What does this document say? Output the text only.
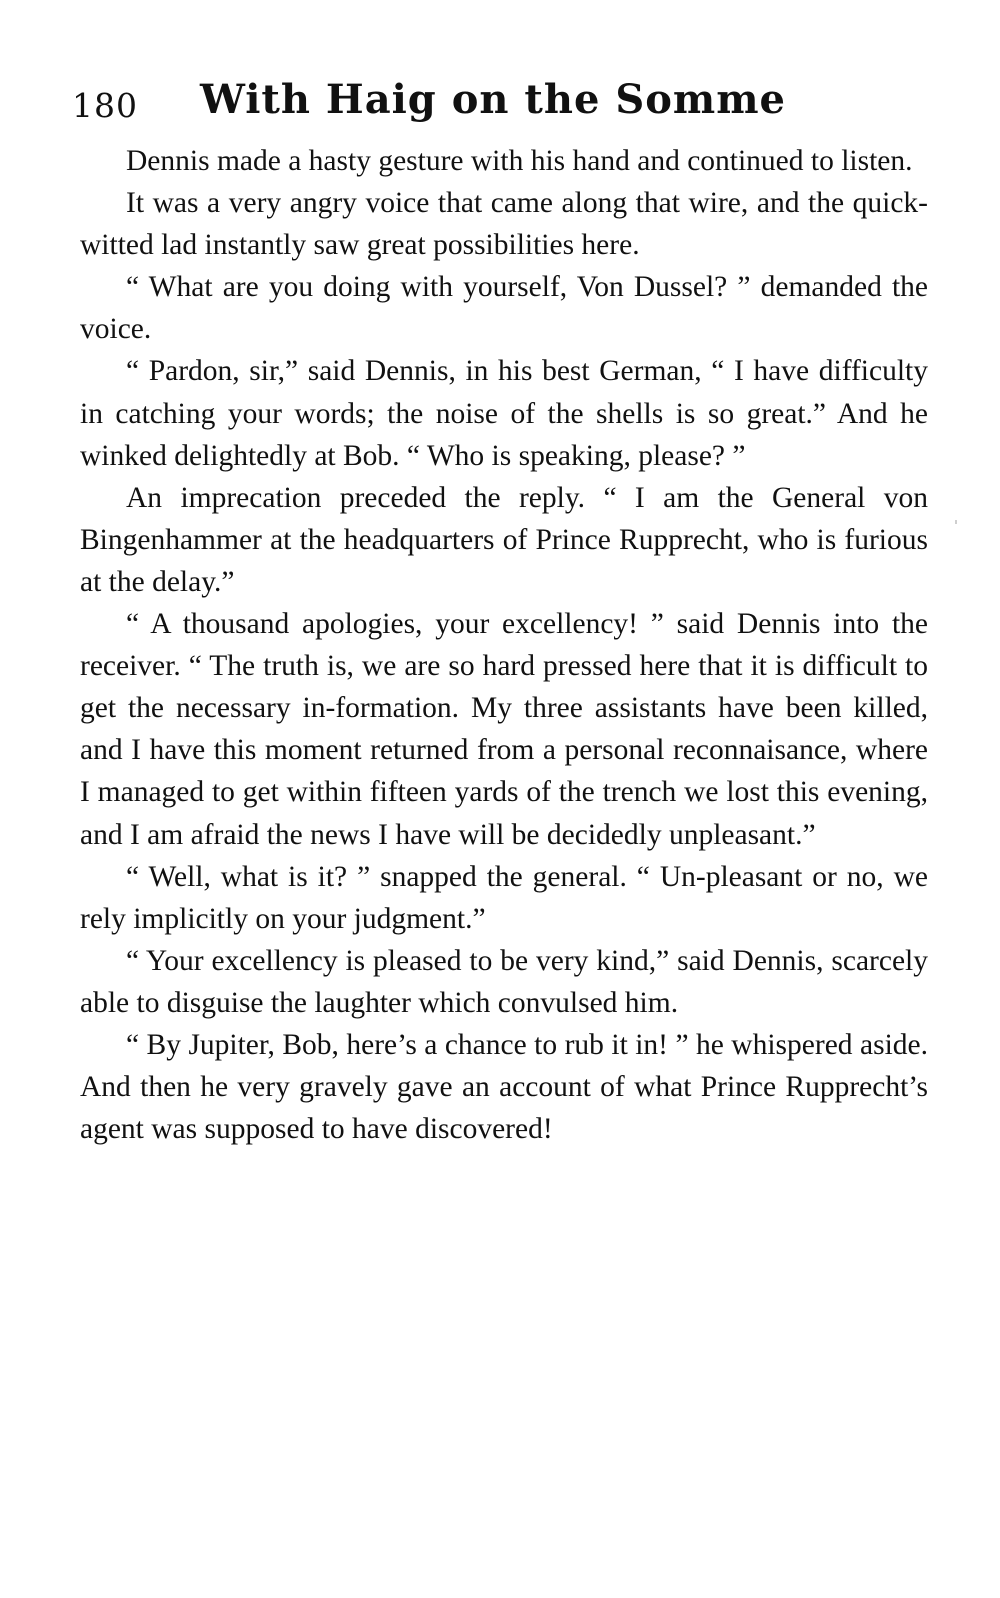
180 With Haig on the Somme

Dennis made a hasty gesture with his hand and continued to listen.

It was a very angry voice that came along that wire, and the quick-witted lad instantly saw great possibilities here.

“ What are you doing with yourself, Von Dussel? ” demanded the voice.

“ Pardon, sir,” said Dennis, in his best German, “ I have difficulty in catching your words; the noise of the shells is so great.” And he winked delightedly at Bob. “ Who is speaking, please? ”

An imprecation preceded the reply. “ I am the General von Bingenhammer at the headquarters of Prince Rupprecht, who is furious at the delay.”

“ A thousand apologies, your excellency! ” said Dennis into the receiver. “ The truth is, we are so hard pressed here that it is difficult to get the necessary in-formation. My three assistants have been killed, and I have this moment returned from a personal reconnaisance, where I managed to get within fifteen yards of the trench we lost this evening, and I am afraid the news I have will be decidedly unpleasant.”

“ Well, what is it? ” snapped the general. “ Un-pleasant or no, we rely implicitly on your judgment.”

“ Your excellency is pleased to be very kind,” said Dennis, scarcely able to disguise the laughter which convulsed him.

“ By Jupiter, Bob, here’s a chance to rub it in! ” he whispered aside. And then he very gravely gave an account of what Prince Rupprecht’s agent was supposed to have discovered!
